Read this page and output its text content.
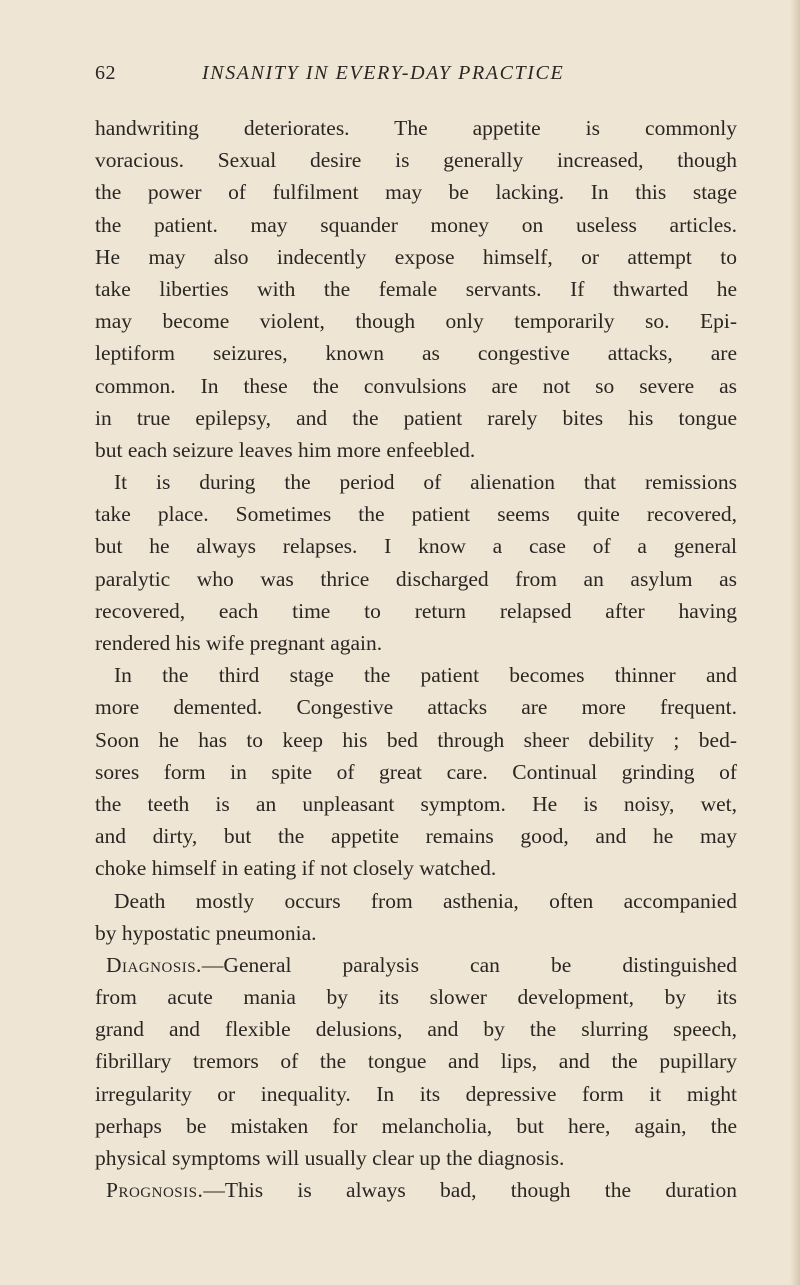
62	INSANITY IN EVERY-DAY PRACTICE
handwriting deteriorates. The appetite is commonly
voracious. Sexual desire is generally increased, though
the power of fulfilment may be lacking. In this stage
the patient. may squander money on useless articles.
He may also indecently expose himself, or attempt to
take liberties with the female servants. If thwarted he
may become violent, though only temporarily so. Epi-
leptiform seizures, known as congestive attacks, are
common. In these the convulsions are not so severe as
in true epilepsy, and the patient rarely bites his tongue
but each seizure leaves him more enfeebled.
It is during the period of alienation that remissions
take place. Sometimes the patient seems quite recovered,
but he always relapses. I know a case of a general
paralytic who was thrice discharged from an asylum as
recovered, each time to return relapsed after having
rendered his wife pregnant again.
In the third stage the patient becomes thinner and
more demented. Congestive attacks are more frequent.
Soon he has to keep his bed through sheer debility ; bed-
sores form in spite of great care. Continual grinding of
the teeth is an unpleasant symptom. He is noisy, wet,
and dirty, but the appetite remains good, and he may
choke himself in eating if not closely watched.
Death mostly occurs from asthenia, often accompanied
by hypostatic pneumonia.
Diagnosis.—General paralysis can be distinguished
from acute mania by its slower development, by its
grand and flexible delusions, and by the slurring speech,
fibrillary tremors of the tongue and lips, and the pupillary
irregularity or inequality. In its depressive form it might
perhaps be mistaken for melancholia, but here, again, the
physical symptoms will usually clear up the diagnosis.
Prognosis.—This is always bad, though the duration
